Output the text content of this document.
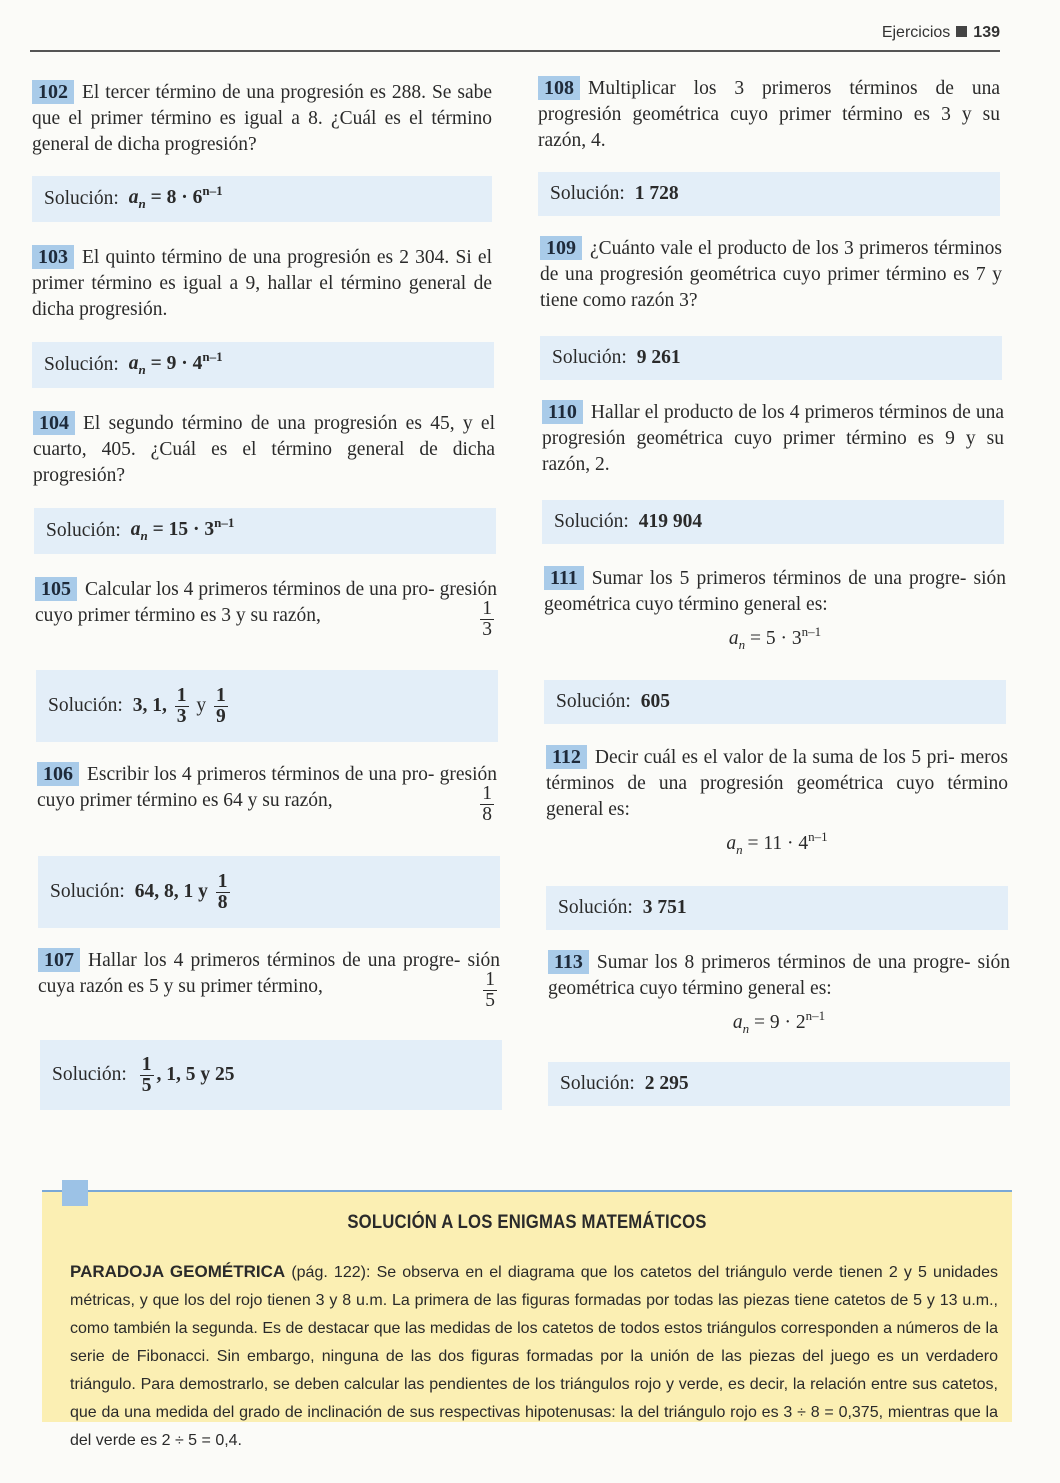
Ejercicios 139
102 El tercer término de una progresión es 288. Se sabe que el primer término es igual a 8. ¿Cuál es el término general de dicha progresión?
Solución: $a_n = 8 \cdot 6^{n-1}$
103 El quinto término de una progresión es 2 304. Si el primer término es igual a 9, hallar el término general de dicha progresión.
Solución: $a_n = 9 \cdot 4^{n-1}$
104 El segundo término de una progresión es 45, y el cuarto, 405. ¿Cuál es el término general de dicha progresión?
Solución: $a_n = 15 \cdot 3^{n-1}$
105 Calcular los 4 primeros términos de una pro- gresión cuyo primer término es 3 y su razón,	$\frac{1}{3}$
Solución: 3, 1, $\frac{1}{3}$ y $\frac{1}{9}$
106 Escribir los 4 primeros términos de una pro- gresión cuyo primer término es 64 y su razón,	$\frac{1}{8}$
Solución: 64, 8, 1 y $\frac{1}{8}$
107 Hallar los 4 primeros términos de una progre- sión cuya razón es 5 y su primer término,	$\frac{1}{5}$
Solución: $\frac{1}{5}$ , 1, 5 y 25
108 Multiplicar los 3 primeros términos de una progresión geométrica cuyo primer término es 3 y su razón, 4.
Solución: 1 728
109 ¿Cuánto vale el producto de los 3 primeros términos de una progresión geométrica cuyo primer término es 7 y tiene como razón 3?
Solución: 9 261
110 Hallar el producto de los 4 primeros términos de una progresión geométrica cuyo primer término es 9 y su razón, 2.
Solución: 419 904
111 Sumar los 5 primeros términos de una progre- sión geométrica cuyo término general es:
$a_n = 5 \cdot 3^{n-1}$
Solución: 605
112 Decir cuál es el valor de la suma de los 5 pri- meros términos de una progresión geométrica cuyo término general es:
$a_n = 11 \cdot 4^{n-1}$
Solución: 3 751
113 Sumar los 8 primeros términos de una progre- sión geométrica cuyo término general es:
$a_n = 9 \cdot 2^{n-1}$
Solución: 2 295
SOLUCIÓN A LOS ENIGMAS MATEMÁTICOS
PARADOJA GEOMÉTRICA (pág. 122): Se observa en el diagrama que los catetos del triángulo verde tienen 2 y 5 unidades métricas, y que los del rojo tienen 3 y 8 u.m. La primera de las figuras formadas por todas las piezas tiene catetos de 5 y 13 u.m., como también la segunda. Es de destacar que las medidas de los catetos de todos estos triángulos corresponden a números de la serie de Fibonacci. Sin embargo, ninguna de las dos figuras formadas por la unión de las piezas del juego es un verdadero triángulo. Para demostrarlo, se deben calcular las pendientes de los triángulos rojo y verde, es decir, la relación entre sus catetos, que da una medida del grado de inclinación de sus respectivas hipotenusas: la del triángulo rojo es 3 ÷ 8 = 0,375, mientras que la del verde es 2 ÷ 5 = 0,4.
